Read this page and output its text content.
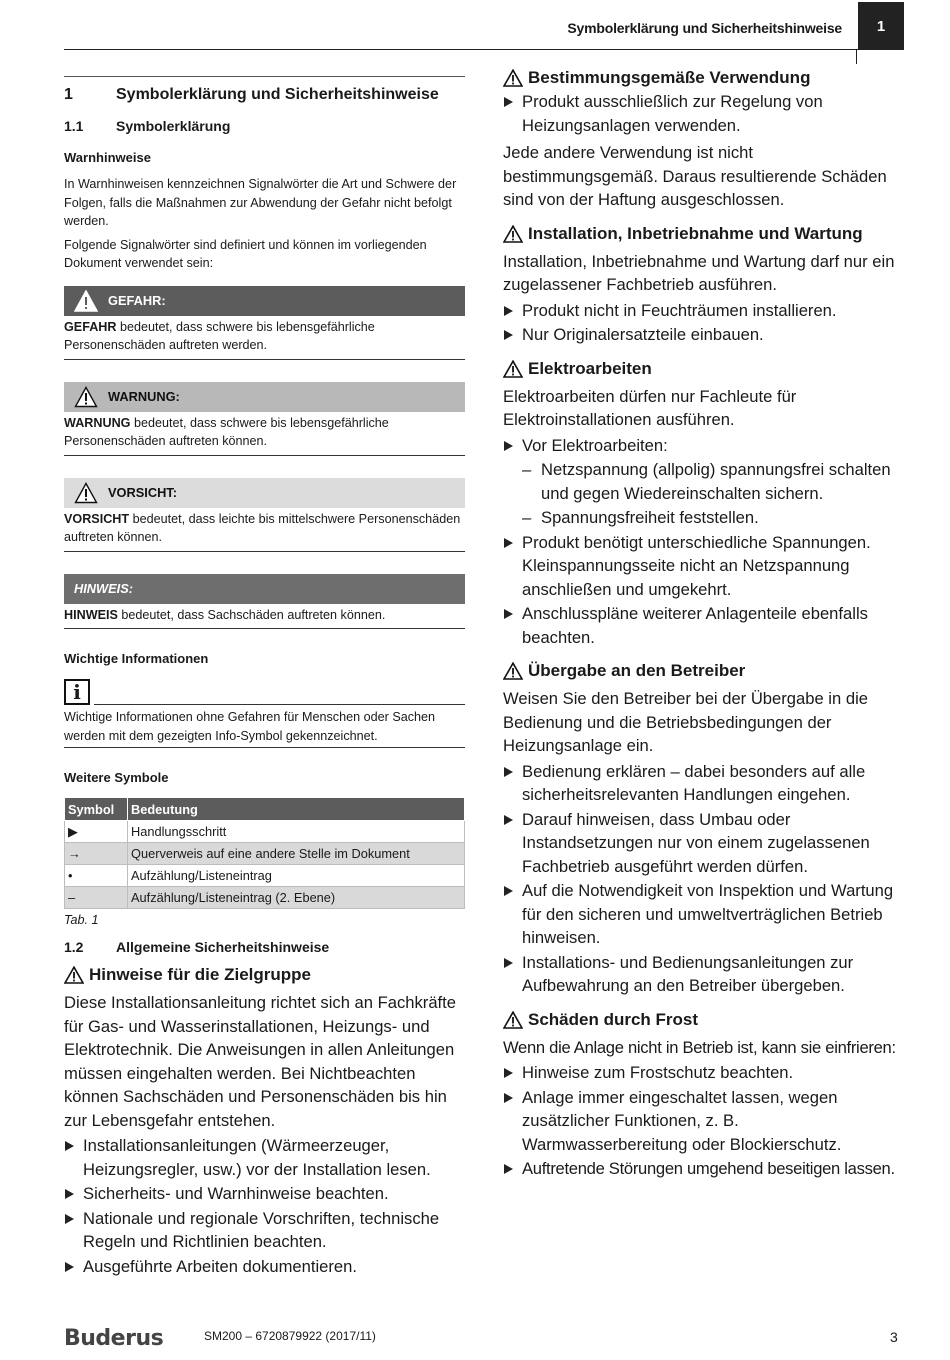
Symbolerklärung und Sicherheitshinweise	1
1	Symbolerklärung und Sicherheitshinweise
1.1	Symbolerklärung
Warnhinweise
In Warnhinweisen kennzeichnen Signalwörter die Art und Schwere der Folgen, falls die Maßnahmen zur Abwendung der Gefahr nicht befolgt werden.
Folgende Signalwörter sind definiert und können im vorliegenden Dokument verwendet sein:
GEFAHR:
GEFAHR bedeutet, dass schwere bis lebensgefährliche Personenschäden auftreten werden.
WARNUNG:
WARNUNG bedeutet, dass schwere bis lebensgefährliche Personenschäden auftreten können.
VORSICHT:
VORSICHT bedeutet, dass leichte bis mittelschwere Personenschäden auftreten können.
HINWEIS:
HINWEIS bedeutet, dass Sachschäden auftreten können.
Wichtige Informationen
i
Wichtige Informationen ohne Gefahren für Menschen oder Sachen werden mit dem gezeigten Info-Symbol gekennzeichnet.
Weitere Symbole
Symbol	Bedeutung
▶	Handlungsschritt
→	Querverweis auf eine andere Stelle im Dokument
•	Aufzählung/Listeneintrag
–	Aufzählung/Listeneintrag (2. Ebene)
Tab. 1
1.2	Allgemeine Sicherheitshinweise
Hinweise für die Zielgruppe

Diese Installationsanleitung richtet sich an Fachkräfte für Gas- und Wasserinstallationen, Heizungs- und Elektrotechnik. Die Anweisungen in allen Anleitungen müssen eingehalten werden. Bei Nichtbeachten können Sachschäden und Personenschäden bis hin zur Lebensgefahr entstehen.

Installationsanleitungen (Wärmeerzeuger, Heizungsregler, usw.) vor der Installation lesen.
Sicherheits- und Warnhinweise beachten.
Nationale und regionale Vorschriften, technische Regeln und Richtlinien beachten.
Ausgeführte Arbeiten dokumentieren.
Bestimmungsgemäße Verwendung
Produkt ausschließlich zur Regelung von Heizungsanlagen verwenden.

Jede andere Verwendung ist nicht bestimmungsgemäß. Daraus resultierende Schäden sind von der Haftung ausgeschlossen.

Installation, Inbetriebnahme und Wartung

Installation, Inbetriebnahme und Wartung darf nur ein zugelassener Fachbetrieb ausführen.

Produkt nicht in Feuchträumen installieren.
Nur Originalersatzteile einbauen.
Elektroarbeiten

Elektroarbeiten dürfen nur Fachleute für Elektroinstallationen ausführen.

Vor Elektroarbeiten:
– Netzspannung (allpolig) spannungsfrei schalten und gegen Wiedereinschalten sichern.
– Spannungsfreiheit feststellen.
Produkt benötigt unterschiedliche Spannungen. Kleinspannungsseite nicht an Netzspannung anschließen und umgekehrt.
Anschlusspläne weiterer Anlagenteile ebenfalls beachten.
Übergabe an den Betreiber

Weisen Sie den Betreiber bei der Übergabe in die Bedienung und die Betriebsbedingungen der Heizungsanlage ein.

Bedienung erklären – dabei besonders auf alle sicherheitsrelevanten Handlungen eingehen.
Darauf hinweisen, dass Umbau oder Instandsetzungen nur von einem zugelassenen Fachbetrieb ausgeführt werden dürfen.
Auf die Notwendigkeit von Inspektion und Wartung für den sicheren und umweltverträglichen Betrieb hinweisen.
Installations- und Bedienungsanleitungen zur Aufbewahrung an den Betreiber übergeben.
Schäden durch Frost

Wenn die Anlage nicht in Betrieb ist, kann sie einfrieren:

Hinweise zum Frostschutz beachten.
Anlage immer eingeschaltet lassen, wegen zusätzlicher Funktionen, z. B. Warmwasserbereitung oder Blockierschutz.
Auftretende Störungen umgehend beseitigen lassen.
Buderus	SM200 – 6720879922 (2017/11)	3
